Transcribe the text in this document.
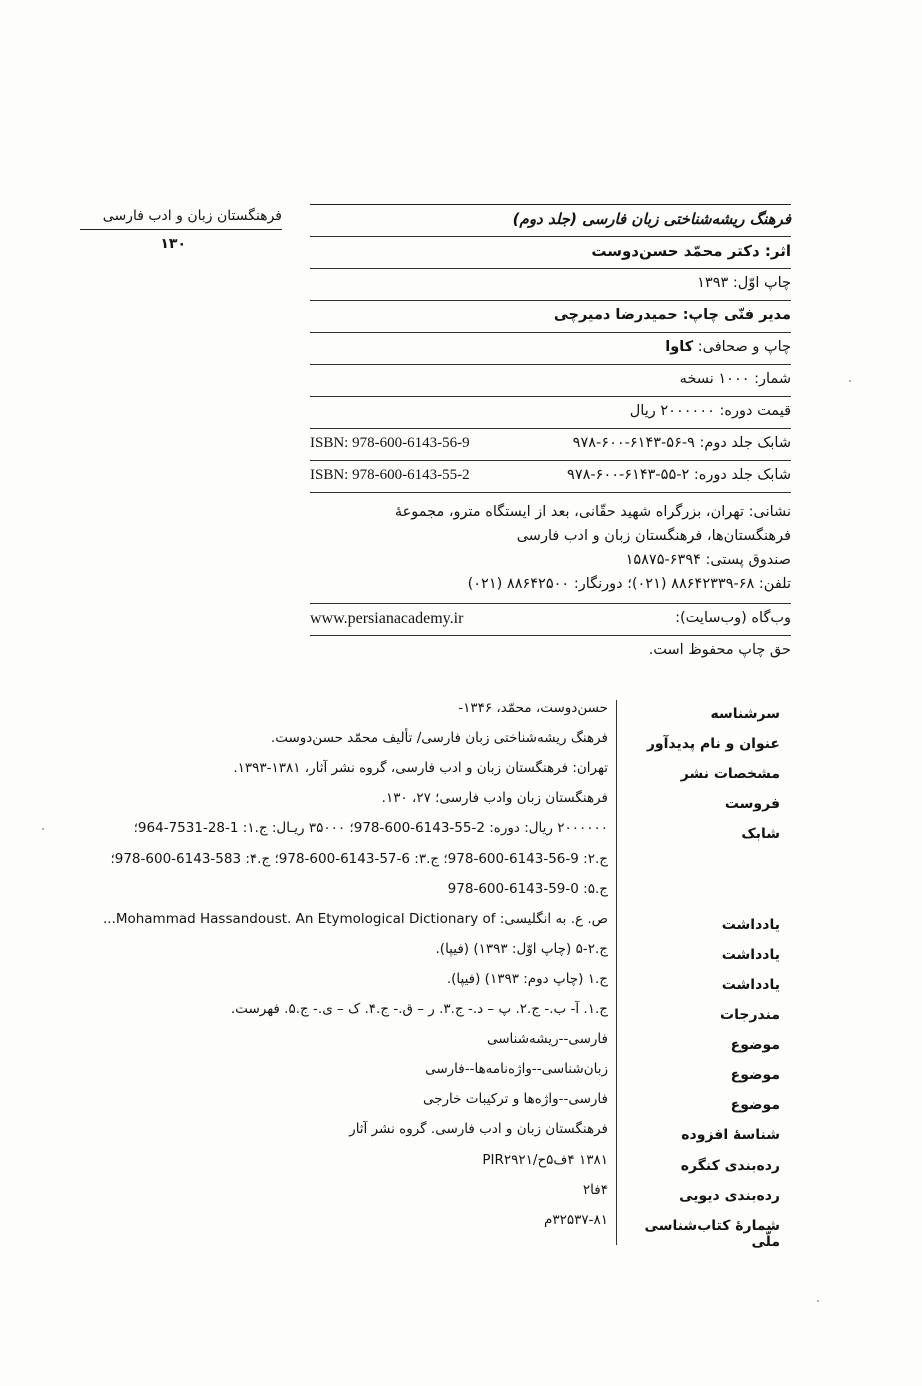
فرهنگستان زبان و ادب فارسی
۱۳۰
فرهنگ ریشه‌شناختی زبان فارسی (جلد دوم)
اثر: دکتر محمّد حسن‌دوست
چاپ اوّل: ۱۳۹۳
مدیر فنّی چاپ: حمیدرضا دمیرچی
چاپ و صحافی: کاوا
شمار: ۱۰۰۰ نسخه
قیمت دوره: ۲۰۰۰۰۰۰ ریال
شابک جلد دوم: ۹-۵۶-۶۱۴۳-۶۰۰-۹۷۸
ISBN: 978-600-6143-56-9
شابک جلد دوره: ۲-۵۵-۶۱۴۳-۶۰۰-۹۷۸
ISBN: 978-600-6143-55-2
نشانی: تهران، بزرگراه شهید حقّانی، بعد از ایستگاه مترو، مجموعهٔ
فرهنگستان‌ها، فرهنگستان زبان و ادب فارسی
صندوق پستی: ۶۳۹۴-۱۵۸۷۵
تلفن: ۶۸-۸۸۶۴۲۳۳۹ (۰۲۱)؛ دورنگار: ۸۸۶۴۲۵۰۰ (۰۲۱)
وب‌گاه (وب‌سایت):
www.persianacademy.ir
حق چاپ محفوظ است.
سرشناسه
حسن‌دوست، محمّد، ۱۳۴۶-
عنوان و نام پدیدآور
فرهنگ ریشه‌شناختی زبان فارسی/ تألیف محمّد حسن‌دوست.
مشخصات نشر
تهران: فرهنگستان زبان و ادب فارسی، گروه نشر آثار، ۱۳۸۱-۱۳۹۳.
فروست
فرهنگستان زبان وادب فارسی؛ ۲۷، ۱۳۰.
شابک
۲۰۰۰۰۰۰ ریال: دوره: 2-55-6143-600-978؛ ۳۵۰۰۰ ریـال: ج.۱: 1-28-7531-964؛
ج.۲: 9-56-6143-600-978؛ ج.۳: 6-57-6143-600-978؛ ج.۴: 583-6143-600-978؛
ج.۵: 0-59-6143-600-978
یادداشت
ص. ع. به انگلیسی: Mohammad Hassandoust. An Etymological Dictionary of...
یادداشت
ج.۲-۵ (چاپ اوّل: ۱۳۹۳) (فیپا).
یادداشت
ج.۱ (چاپ دوم: ۱۳۹۳) (فیپا).
مندرجات
ج.۱. آ- ب.- ج.۲. پ – د.- ج.۳. ر – ق.- ج.۴. ک – ی.- ج.۵. فهرست.
موضوع
فارسی--ریشه‌شناسی
موضوع
زبان‌شناسی--واژه‌نامه‌ها--فارسی
موضوع
فارسی--واژه‌ها و ترکیبات خارجی
شناسهٔ افزوده
فرهنگستان زبان و ادب فارسی. گروه نشر آثار
رده‌بندی کنگره
۱۳۸۱ ۴ف۵ح/PIR۲۹۲۱
رده‌بندی دیویی
۴فا۲
شمارهٔ کتاب‌شناسی ملّی
۳۲۵۳۷-۸۱م
